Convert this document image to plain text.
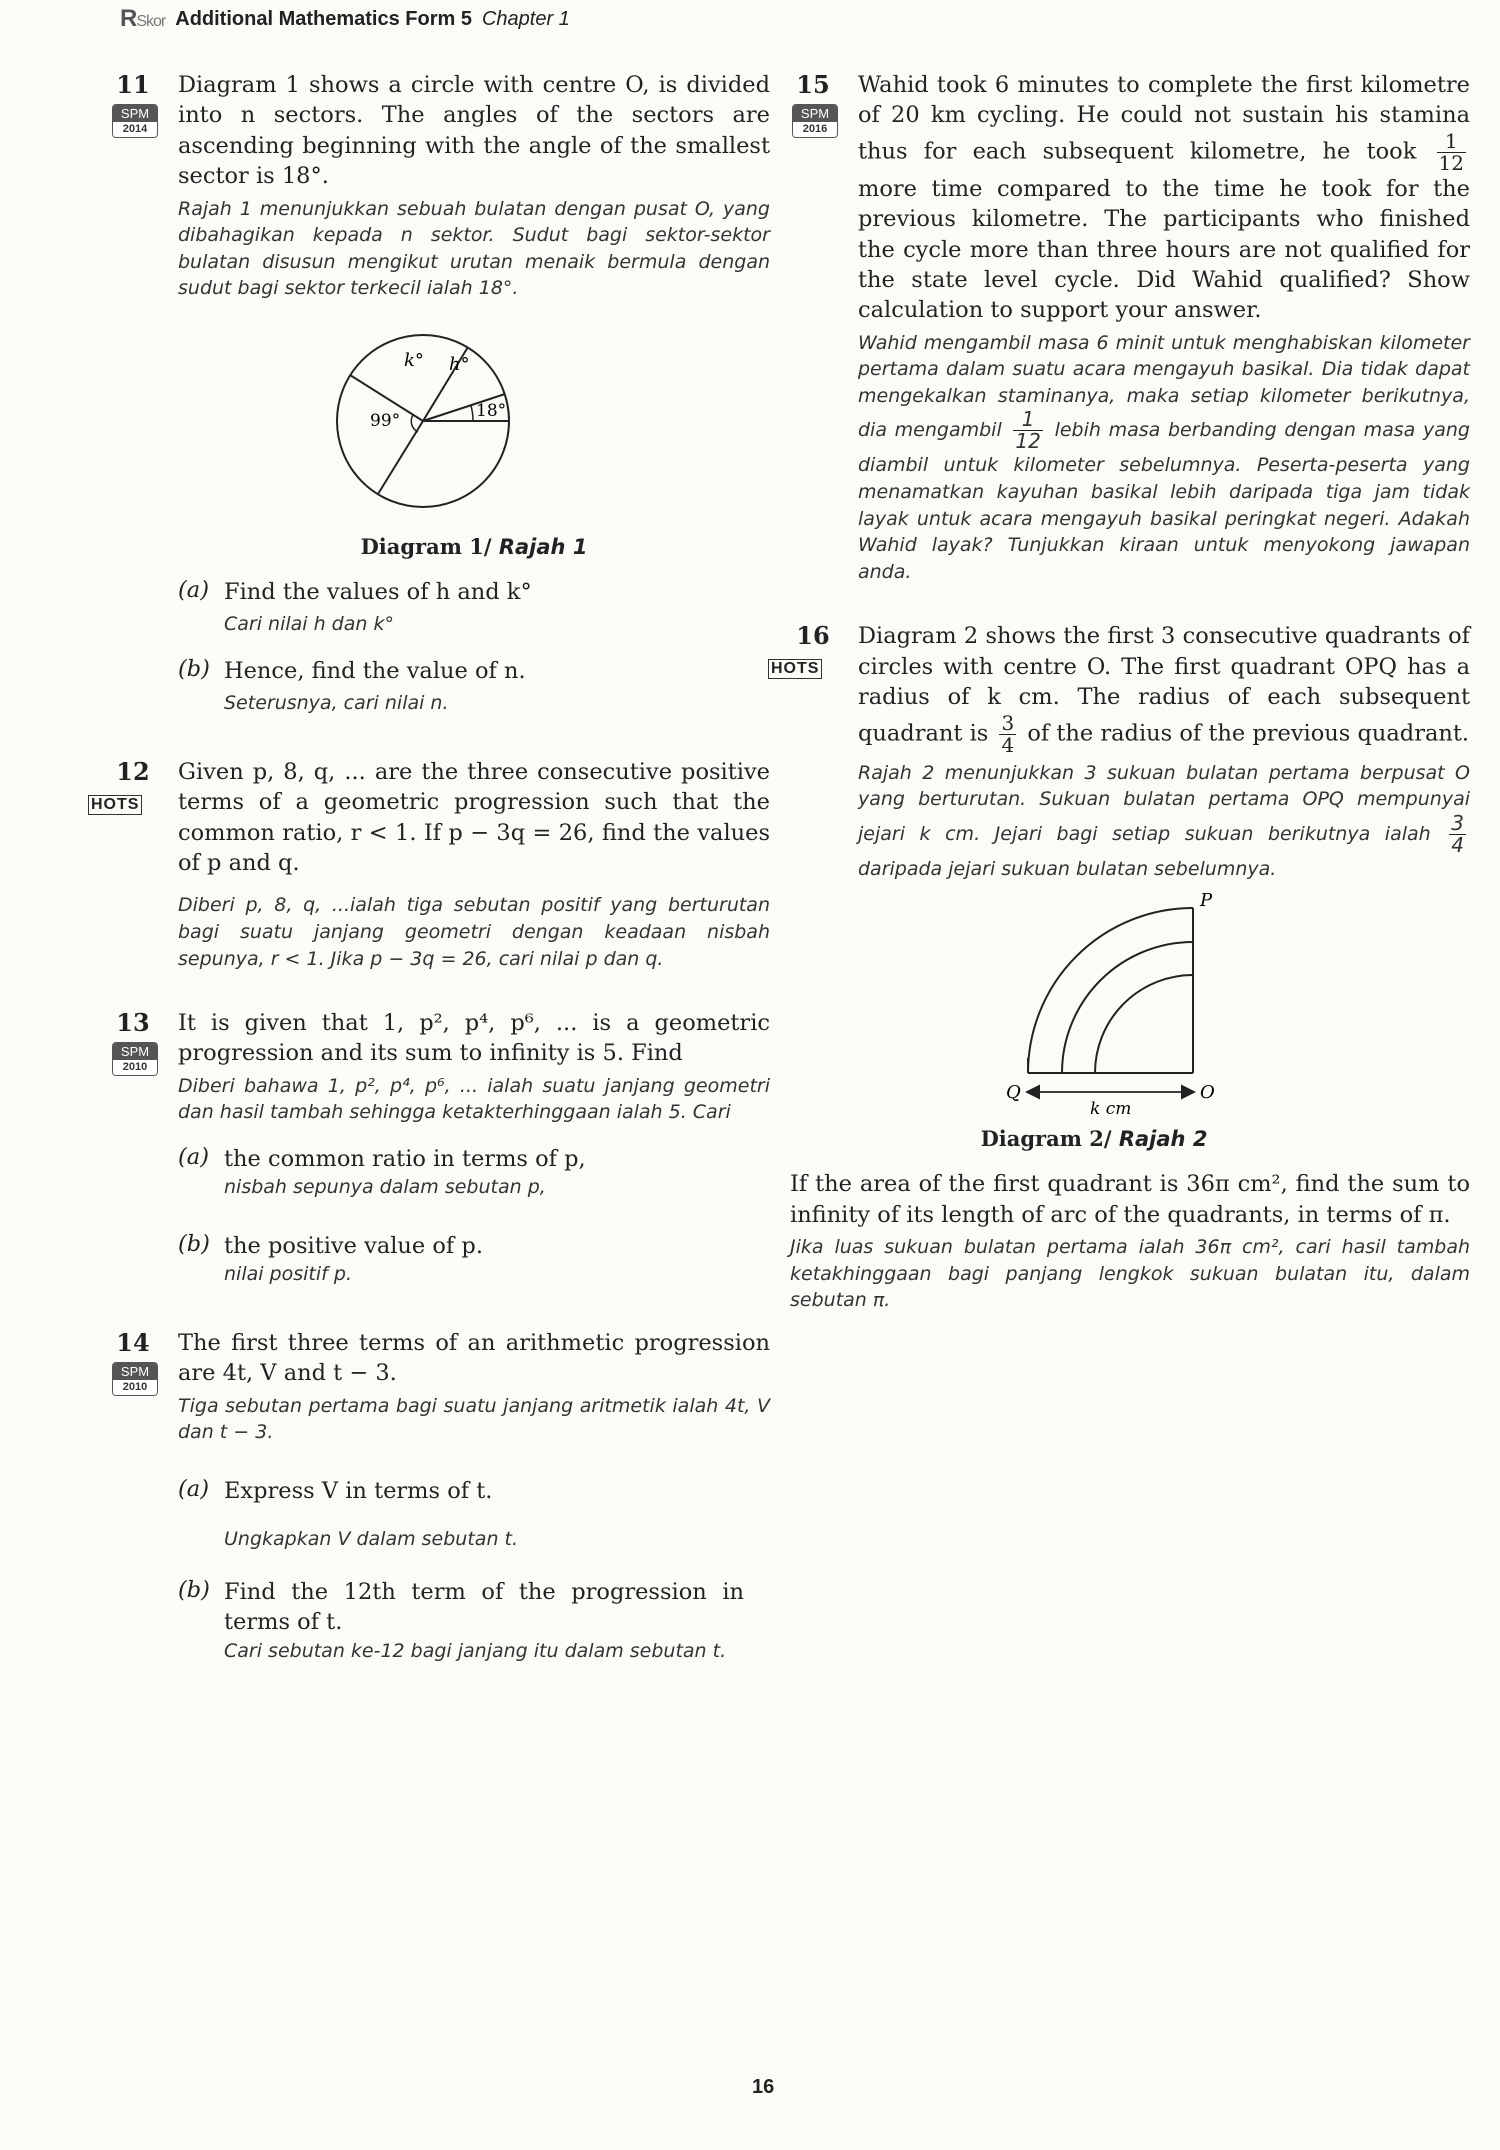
RSkor Additional Mathematics Form 5 Chapter 1
11
SPM
2014

Diagram 1 shows a circle with centre O, is divided into n sectors. The angles of the sectors are ascending beginning with the angle of the smallest sector is 18°.

Rajah 1 menunjukkan sebuah bulatan dengan pusat O, yang dibahagikan kepada n sektor. Sudut bagi sektor-sektor bulatan disusun mengikut urutan menaik bermula dengan sudut bagi sektor terkecil ialah 18°.

k° h°
18°
99°
Diagram 1/ Rajah 1
(a) Find the values of h and k°

Cari nilai h dan k°

(b) Hence, find the value of n.

Seterusnya, cari nilai n.

12
HOTS

Given p, 8, q, ... are the three consecutive positive terms of a geometric progression such that the common ratio, r < 1. If p − 3q = 26, find the values of p and q.

Diberi p, 8, q, ...ialah tiga sebutan positif yang berturutan bagi suatu janjang geometri dengan keadaan nisbah sepunya, r < 1. Jika p − 3q = 26, cari nilai p dan q.

13
SPM
2010

It is given that 1, p², p⁴, p⁶, ... is a geometric progression and its sum to infinity is 5. Find

Diberi bahawa 1, p², p⁴, p⁶, ... ialah suatu janjang geometri dan hasil tambah sehingga ketakterhinggaan ialah 5. Cari

(a) the common ratio in terms of p,

nisbah sepunya dalam sebutan p,

(b) the positive value of p.

nilai positif p.

14
SPM
2010

The first three terms of an arithmetic progression are 4t, V and t − 3.

Tiga sebutan pertama bagi suatu janjang aritmetik ialah 4t, V dan t − 3.

(a) Express V in terms of t.

Ungkapkan V dalam sebutan t.

(b) Find the 12th term of the progression in terms of t.

Cari sebutan ke-12 bagi janjang itu dalam sebutan t.

15
SPM
2016

Wahid took 6 minutes to complete the first kilometre of 20 km cycling. He could not sustain his stamina thus for each subsequent kilometre, he took $\frac{1}{12}$
more time compared to the time he took for the previous kilometre. The participants who finished the cycle more than three hours are not qualified for the state level cycle. Did Wahid qualified? Show calculation to support your answer.

Wahid mengambil masa 6 minit untuk menghabiskan kilometer pertama dalam suatu acara mengayuh basikal. Dia tidak dapat mengekalkan staminanya, maka setiap kilometer berikutnya, dia mengambil $\frac{1}{12}$ lebih masa berbanding dengan masa yang diambil untuk kilometer sebelumnya. Peserta-peserta yang menamatkan kayuhan basikal lebih daripada tiga jam tidak layak untuk acara mengayuh basikal peringkat negeri. Adakah Wahid layak? Tunjukkan kiraan untuk menyokong jawapan anda.

16
HOTS

Diagram 2 shows the first 3 consecutive quadrants of circles with centre O. The first quadrant OPQ has a radius of k cm. The radius of each subsequent quadrant is $\frac{3}{4}$ of the radius of the previous quadrant.

Rajah 2 menunjukkan 3 sukuan bulatan pertama berpusat O yang berturutan. Sukuan bulatan pertama OPQ mempunyai jejari k cm. Jejari bagi setiap sukuan berikutnya ialah $\frac{3}{4}$
daripada jejari sukuan bulatan sebelumnya.

P
Q	O
k cm
Diagram 2/ Rajah 2

If the area of the first quadrant is 36π cm², find the sum to infinity of its length of arc of the quadrants, in terms of π.

Jika luas sukuan bulatan pertama ialah 36π cm², cari hasil tambah ketakhinggaan bagi panjang lengkok sukuan bulatan itu, dalam sebutan π.

16
